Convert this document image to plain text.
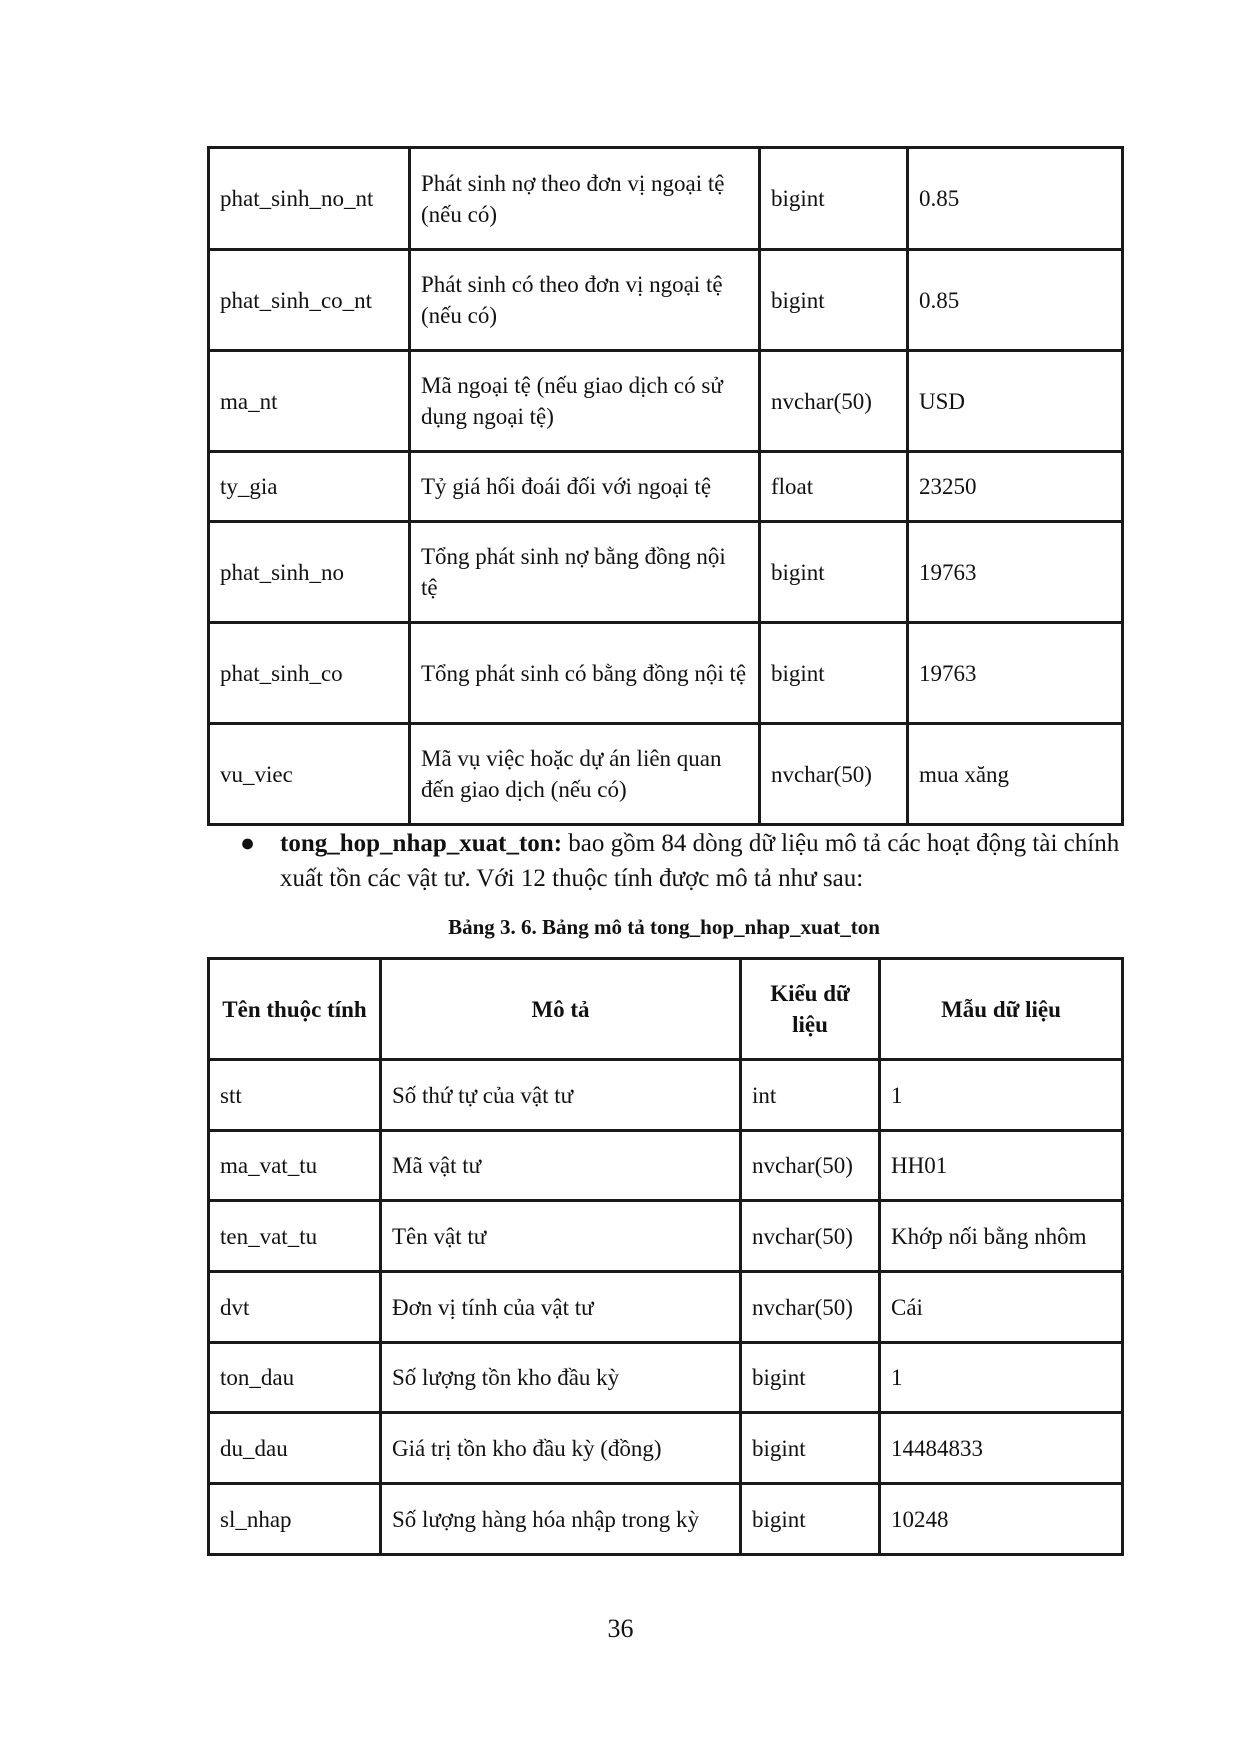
phat_sinh_no_nt	Phát sinh nợ theo đơn vị ngoại tệ (nếu có)	bigint	0.85
phat_sinh_co_nt	Phát sinh có theo đơn vị ngoại tệ (nếu có)	bigint	0.85
ma_nt	Mã ngoại tệ (nếu giao dịch có sử dụng ngoại tệ)	nvchar(50)	USD
ty_gia	Tỷ giá hối đoái đối với ngoại tệ	float	23250
phat_sinh_no	Tổng phát sinh nợ bằng đồng nội tệ	bigint	19763
phat_sinh_co	Tổng phát sinh có bằng đồng nội tệ	bigint	19763
vu_viec	Mã vụ việc hoặc dự án liên quan đến giao dịch (nếu có)	nvchar(50)	mua xăng
● tong_hop_nhap_xuat_ton: bao gồm 84 dòng dữ liệu mô tả các hoạt động tài chính xuất tồn các vật tư. Với 12 thuộc tính được mô tả như sau:
Bảng 3. 6. Bảng mô tả tong_hop_nhap_xuat_ton
Tên thuộc tính	Mô tả	Kiểu dữ liệu	Mẫu dữ liệu
stt	Số thứ tự của vật tư	int	1
ma_vat_tu	Mã vật tư	nvchar(50)	HH01
ten_vat_tu	Tên vật tư	nvchar(50)	Khớp nối bằng nhôm
dvt	Đơn vị tính của vật tư	nvchar(50)	Cái
ton_dau	Số lượng tồn kho đầu kỳ	bigint	1
du_dau	Giá trị tồn kho đầu kỳ (đồng)	bigint	14484833
sl_nhap	Số lượng hàng hóa nhập trong kỳ	bigint	10248
36
